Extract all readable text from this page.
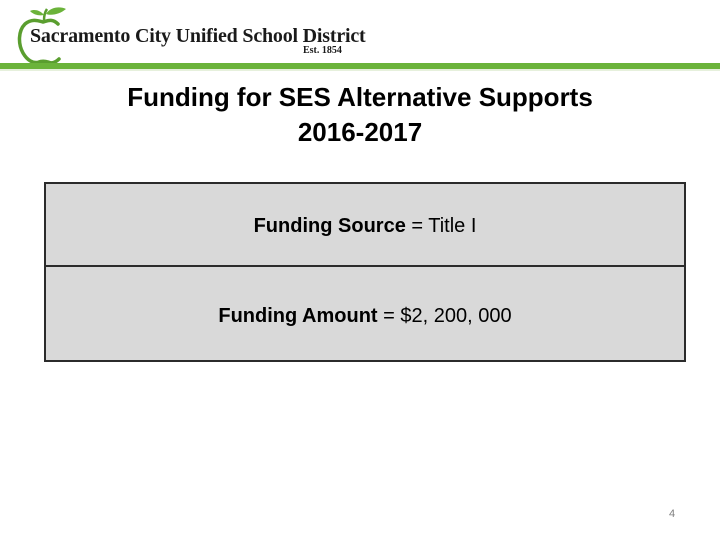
Sacramento City Unified School District
Est. 1854
Funding for SES Alternative Supports
2016-2017
Funding Source = Title I
Funding Amount = $2, 200, 000
4
